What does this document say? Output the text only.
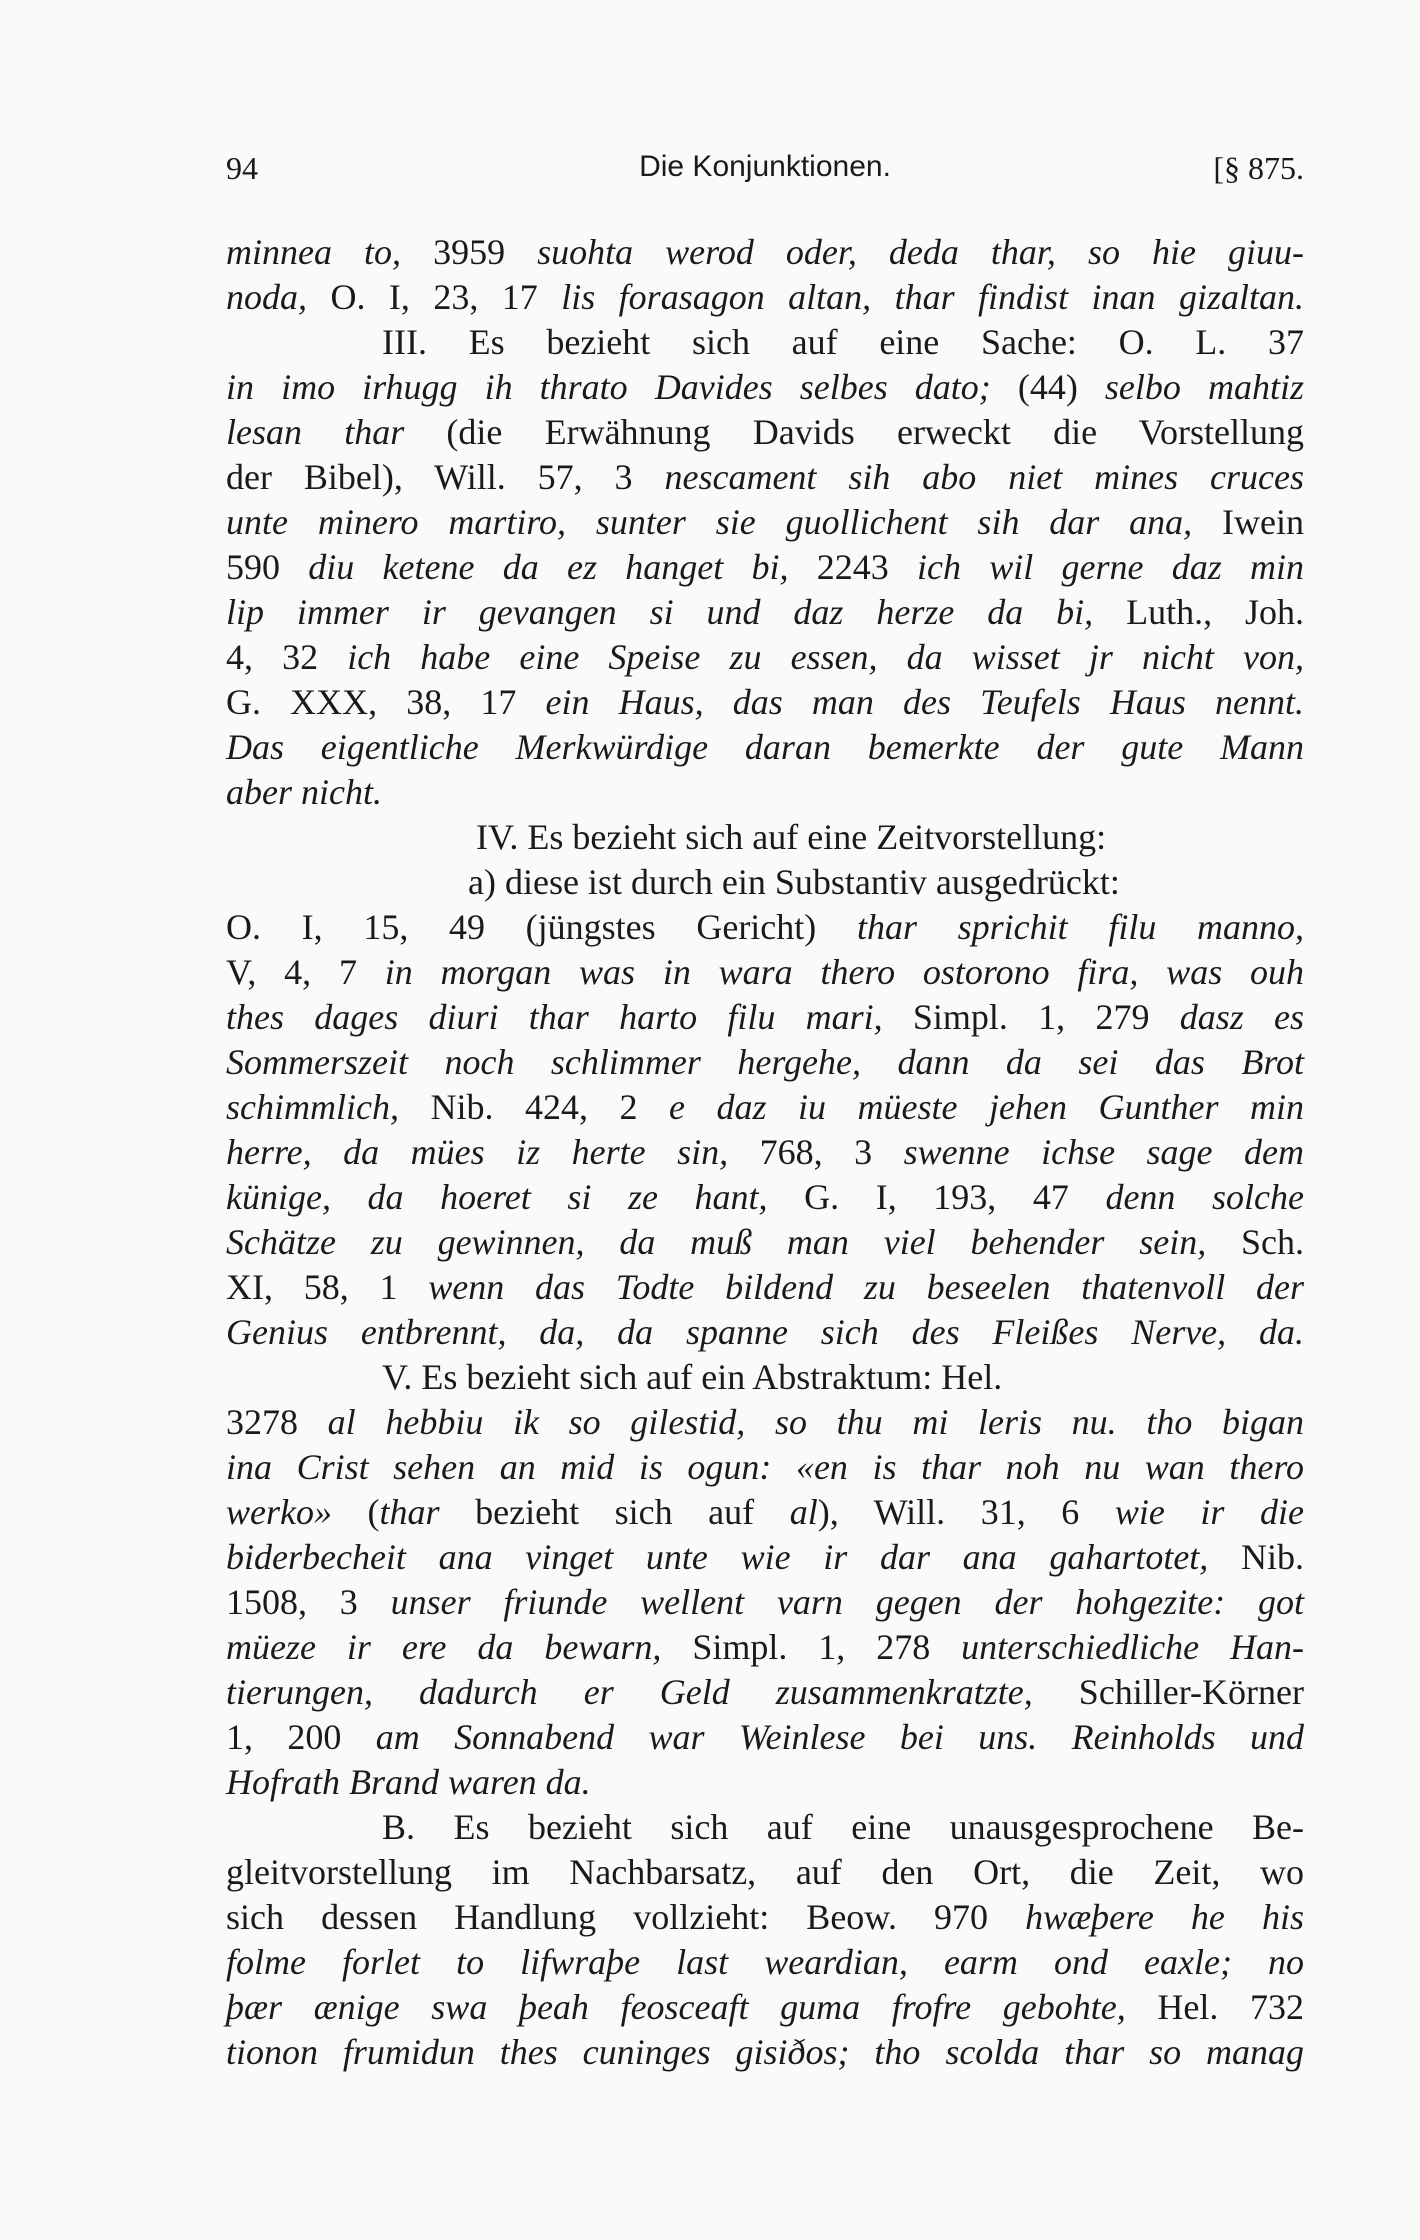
94	Die Konjunktionen.	[§ 875.
minnea to, 3959 suohta werod oder, deda thar, so hie giuu-
noda, O. I, 23, 17 lis forasagon altan, thar findist inan gizaltan.
III. Es bezieht sich auf eine Sache: O. L. 37
in imo irhugg ih thrato Davides selbes dato; (44) selbo mahtiz
lesan thar (die Erwähnung Davids erweckt die Vorstellung
der Bibel), Will. 57, 3 nescament sih abo niet mines cruces
unte minero martiro, sunter sie guollichent sih dar ana, Iwein
590 diu ketene da ez hanget bi, 2243 ich wil gerne daz min
lip immer ir gevangen si und daz herze da bi, Luth., Joh.
4, 32 ich habe eine Speise zu essen, da wisset jr nicht von,
G. XXX, 38, 17 ein Haus, das man des Teufels Haus nennt.
Das eigentliche Merkwürdige daran bemerkte der gute Mann
aber nicht.
IV. Es bezieht sich auf eine Zeitvorstellung:
a) diese ist durch ein Substantiv ausgedrückt:
O. I, 15, 49 (jüngstes Gericht) thar sprichit filu manno,
V, 4, 7 in morgan was in wara thero ostorono fira, was ouh
thes dages diuri thar harto filu mari, Simpl. 1, 279 dasz es
Sommerszeit noch schlimmer hergehe, dann da sei das Brot
schimmlich, Nib. 424, 2 e daz iu müeste jehen Gunther min
herre, da mües iz herte sin, 768, 3 swenne ichse sage dem
künige, da hoeret si ze hant, G. I, 193, 47 denn solche
Schätze zu gewinnen, da muß man viel behender sein, Sch.
XI, 58, 1 wenn das Todte bildend zu beseelen thatenvoll der
Genius entbrennt, da, da spanne sich des Fleißes Nerve, da.
V. Es bezieht sich auf ein Abstraktum: Hel.
3278 al hebbiu ik so gilestid, so thu mi leris nu. tho bigan
ina Crist sehen an mid is ogun: «en is thar noh nu wan thero
werko» (thar bezieht sich auf al), Will. 31, 6 wie ir die
biderbecheit ana vinget unte wie ir dar ana gahartotet, Nib.
1508, 3 unser friunde wellent varn gegen der hohgezite: got
müeze ir ere da bewarn, Simpl. 1, 278 unterschiedliche Han-
tierungen, dadurch er Geld zusammenkratzte, Schiller-Körner
1, 200 am Sonnabend war Weinlese bei uns. Reinholds und
Hofrath Brand waren da.
B. Es bezieht sich auf eine unausgesprochene Be-
gleitvorstellung im Nachbarsatz, auf den Ort, die Zeit, wo
sich dessen Handlung vollzieht: Beow. 970 hwæþere he his
folme forlet to lifwraþe last weardian, earm ond eaxle; no
þær ænige swa þeah feosceaft guma frofre gebohte, Hel. 732
tionon frumidun thes cuninges gisiðos; tho scolda thar so manag
